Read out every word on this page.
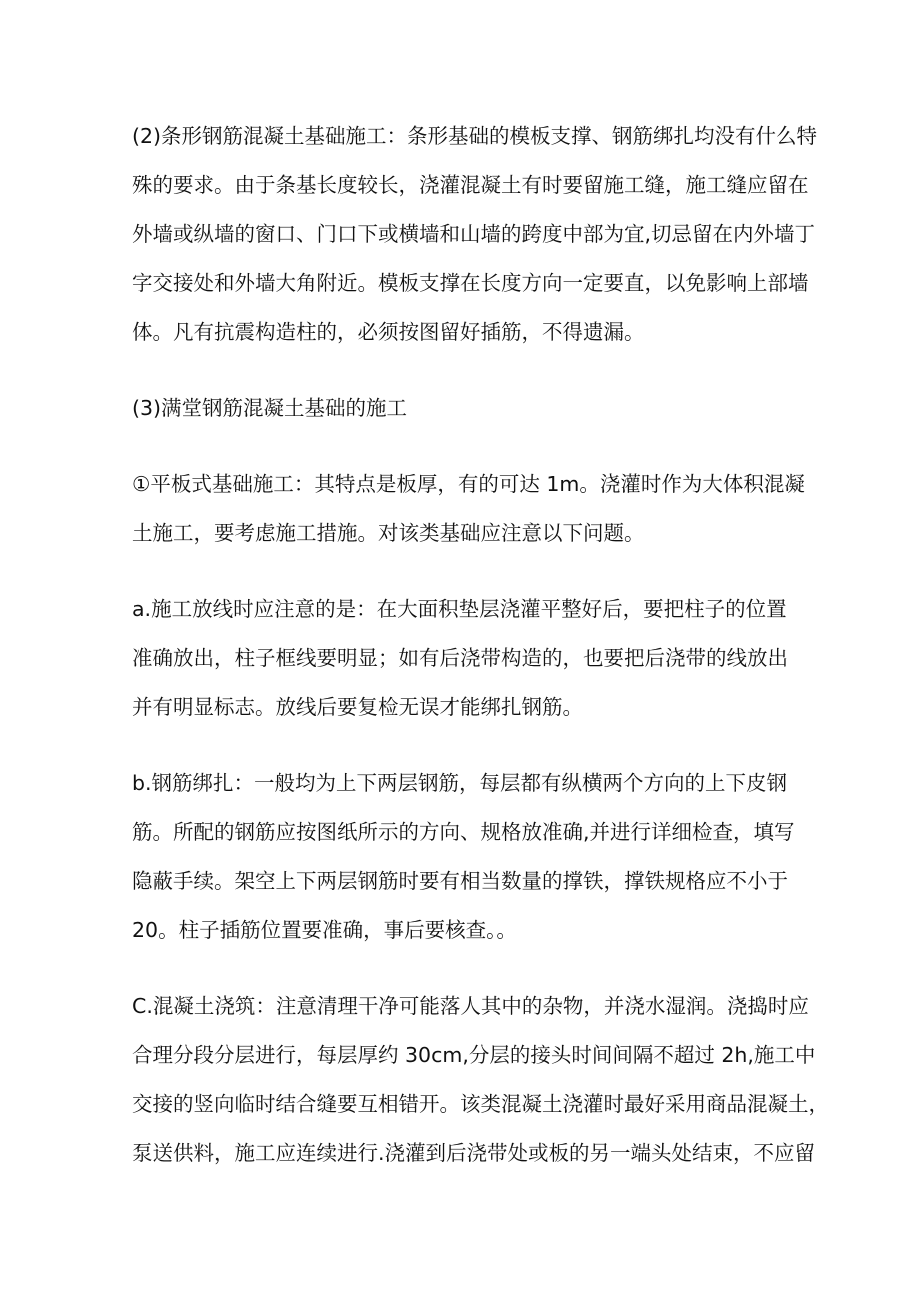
(2)条形钢筋混凝土基础施工：条形基础的模板支撑、钢筋绑扎均没有什么特
殊的要求。由于条基长度较长，浇灌混凝土有时要留施工缝，施工缝应留在
外墙或纵墙的窗口、门口下或横墙和山墙的跨度中部为宜,切忌留在内外墙丁
字交接处和外墙大角附近。模板支撑在长度方向一定要直，以免影响上部墙
体。凡有抗震构造柱的，必须按图留好插筋，不得遗漏。
(3)满堂钢筋混凝土基础的施工
①平板式基础施工：其特点是板厚，有的可达 1m。浇灌时作为大体积混凝
土施工，要考虑施工措施。对该类基础应注意以下问题。
a.施工放线时应注意的是：在大面积垫层浇灌平整好后，要把柱子的位置
准确放出，柱子框线要明显；如有后浇带构造的，也要把后浇带的线放出
并有明显标志。放线后要复检无误才能绑扎钢筋。
b.钢筋绑扎：一般均为上下两层钢筋，每层都有纵横两个方向的上下皮钢
筋。所配的钢筋应按图纸所示的方向、规格放准确,并进行详细检查，填写
隐蔽手续。架空上下两层钢筋时要有相当数量的撑铁，撑铁规格应不小于
20。柱子插筋位置要准确，事后要核查。。
C.混凝土浇筑：注意清理干净可能落人其中的杂物，并浇水湿润。浇捣时应
合理分段分层进行，每层厚约 30cm,分层的接头时间间隔不超过 2h,施工中
交接的竖向临时结合缝要互相错开。该类混凝土浇灌时最好采用商品混凝土，
泵送供料，施工应连续进行.浇灌到后浇带处或板的另一端头处结束，不应留
